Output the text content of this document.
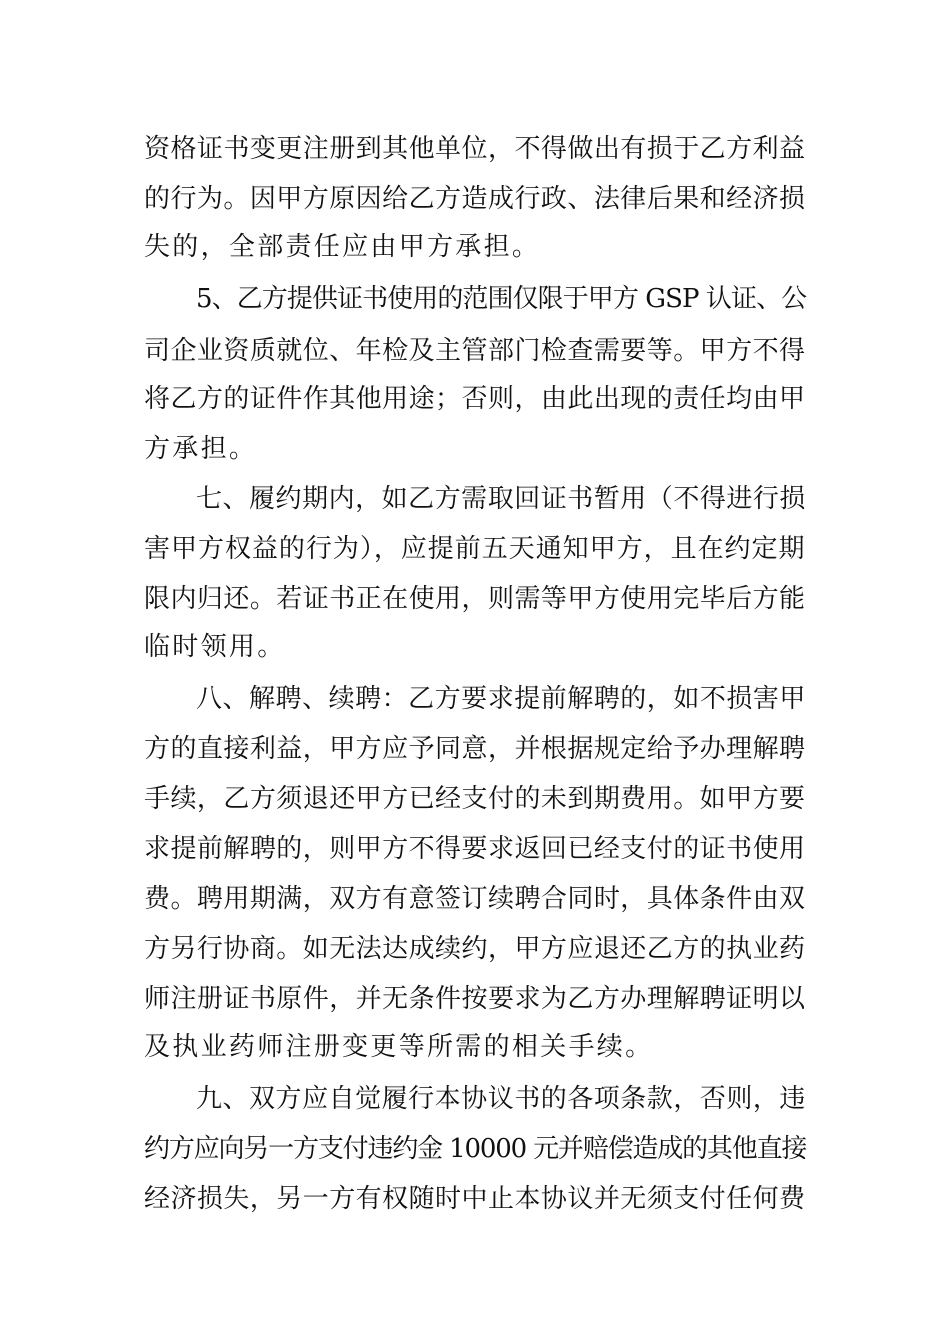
资格证书变更注册到其他单位，不得做出有损于乙方利益
的行为。因甲方原因给乙方造成行政、法律后果和经济损
失的，全部责任应由甲方承担。
5、乙方提供证书使用的范围仅限于甲方 GSP 认证、公
司企业资质就位、年检及主管部门检查需要等。甲方不得
将乙方的证件作其他用途；否则，由此出现的责任均由甲
方承担。
七、履约期内，如乙方需取回证书暂用（不得进行损
害甲方权益的行为），应提前五天通知甲方，且在约定期
限内归还。若证书正在使用，则需等甲方使用完毕后方能
临时领用。
八、解聘、续聘：乙方要求提前解聘的，如不损害甲
方的直接利益，甲方应予同意，并根据规定给予办理解聘
手续，乙方须退还甲方已经支付的未到期费用。如甲方要
求提前解聘的，则甲方不得要求返回已经支付的证书使用
费。聘用期满，双方有意签订续聘合同时，具体条件由双
方另行协商。如无法达成续约，甲方应退还乙方的执业药
师注册证书原件，并无条件按要求为乙方办理解聘证明以
及执业药师注册变更等所需的相关手续。
九、双方应自觉履行本协议书的各项条款，否则，违
约方应向另一方支付违约金 10000 元并赔偿造成的其他直接
经济损失，另一方有权随时中止本协议并无须支付任何费
